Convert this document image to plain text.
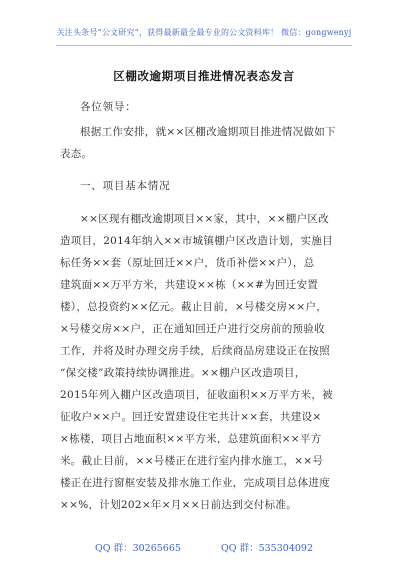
关注头条号“公文研究”，获得最新最全最专业的公文资料库！ 微信：gongwenyj
区棚改逾期项目推进情况表态发言
各位领导：
根据工作安排，就××区棚改逾期项目推进情况做如下
表态。
一、项目基本情况
××区现有棚改逾期项目××家，其中，××棚户区改
造项目，2014年纳入××市城镇棚户区改造计划，实施目
标任务××套（原址回迁××户，货币补偿××户），总
建筑面××万平方米，共建设××栋（××#为回迁安置
楼），总投资约××亿元。截止目前，×号楼交房××户，
×号楼交房××户，正在通知回迁户进行交房前的预验收
工作，并将及时办理交房手续，后续商品房建设正在按照
“保交楼”政策持续协调推进。××棚户区改造项目，
2015年列入棚户区改造项目，征收面积××万平方米，被
征收户××户。回迁安置建设住宅共计××套，共建设×
×栋楼，项目占地面积××平方米，总建筑面积××平方
米。截止目前，××号楼正在进行室内排水施工，××号
楼正在进行窗框安装及排水施工作业，完成项目总体进度
××%，计划202×年×月××日前达到交付标准。
QQ 群：30265665	QQ 群：535304092
